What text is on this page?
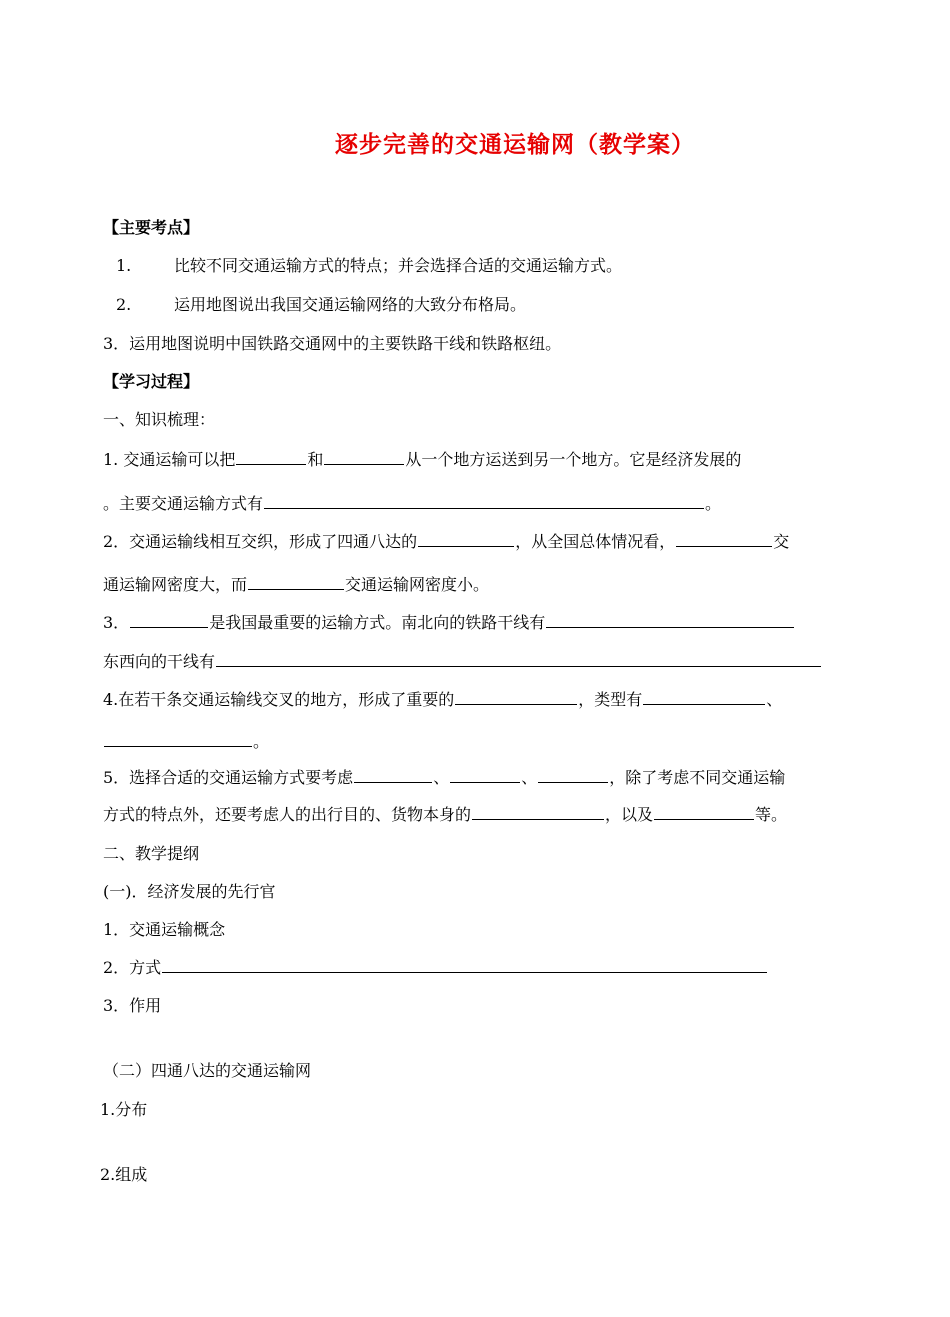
逐步完善的交通运输网（教学案）
【主要考点】
1.	比较不同交通运输方式的特点；并会选择合适的交通运输方式。
2.	运用地图说出我国交通运输网络的大致分布格局。
3．运用地图说明中国铁路交通网中的主要铁路干线和铁路枢纽。
【学习过程】
一、知识梳理：
1. 交通运输可以把	和	从一个地方运送到另一个地方。它是经济发展的
。主要交通运输方式有	。
2．交通运输线相互交织，形成了四通八达的	，从全国总体情况看，	交
通运输网密度大，而	交通运输网密度小。
3．	是我国最重要的运输方式。南北向的铁路干线有
东西向的干线有
4.在若干条交通运输线交叉的地方，形成了重要的	，类型有	、
。
5．选择合适的交通运输方式要考虑	、	、	，除了考虑不同交通运输
方式的特点外，还要考虑人的出行目的、货物本身的	，以及	等。
二、教学提纲
(一)．经济发展的先行官
1．交通运输概念
2．方式
3．作用
（二）四通八达的交通运输网
1.分布
2.组成
